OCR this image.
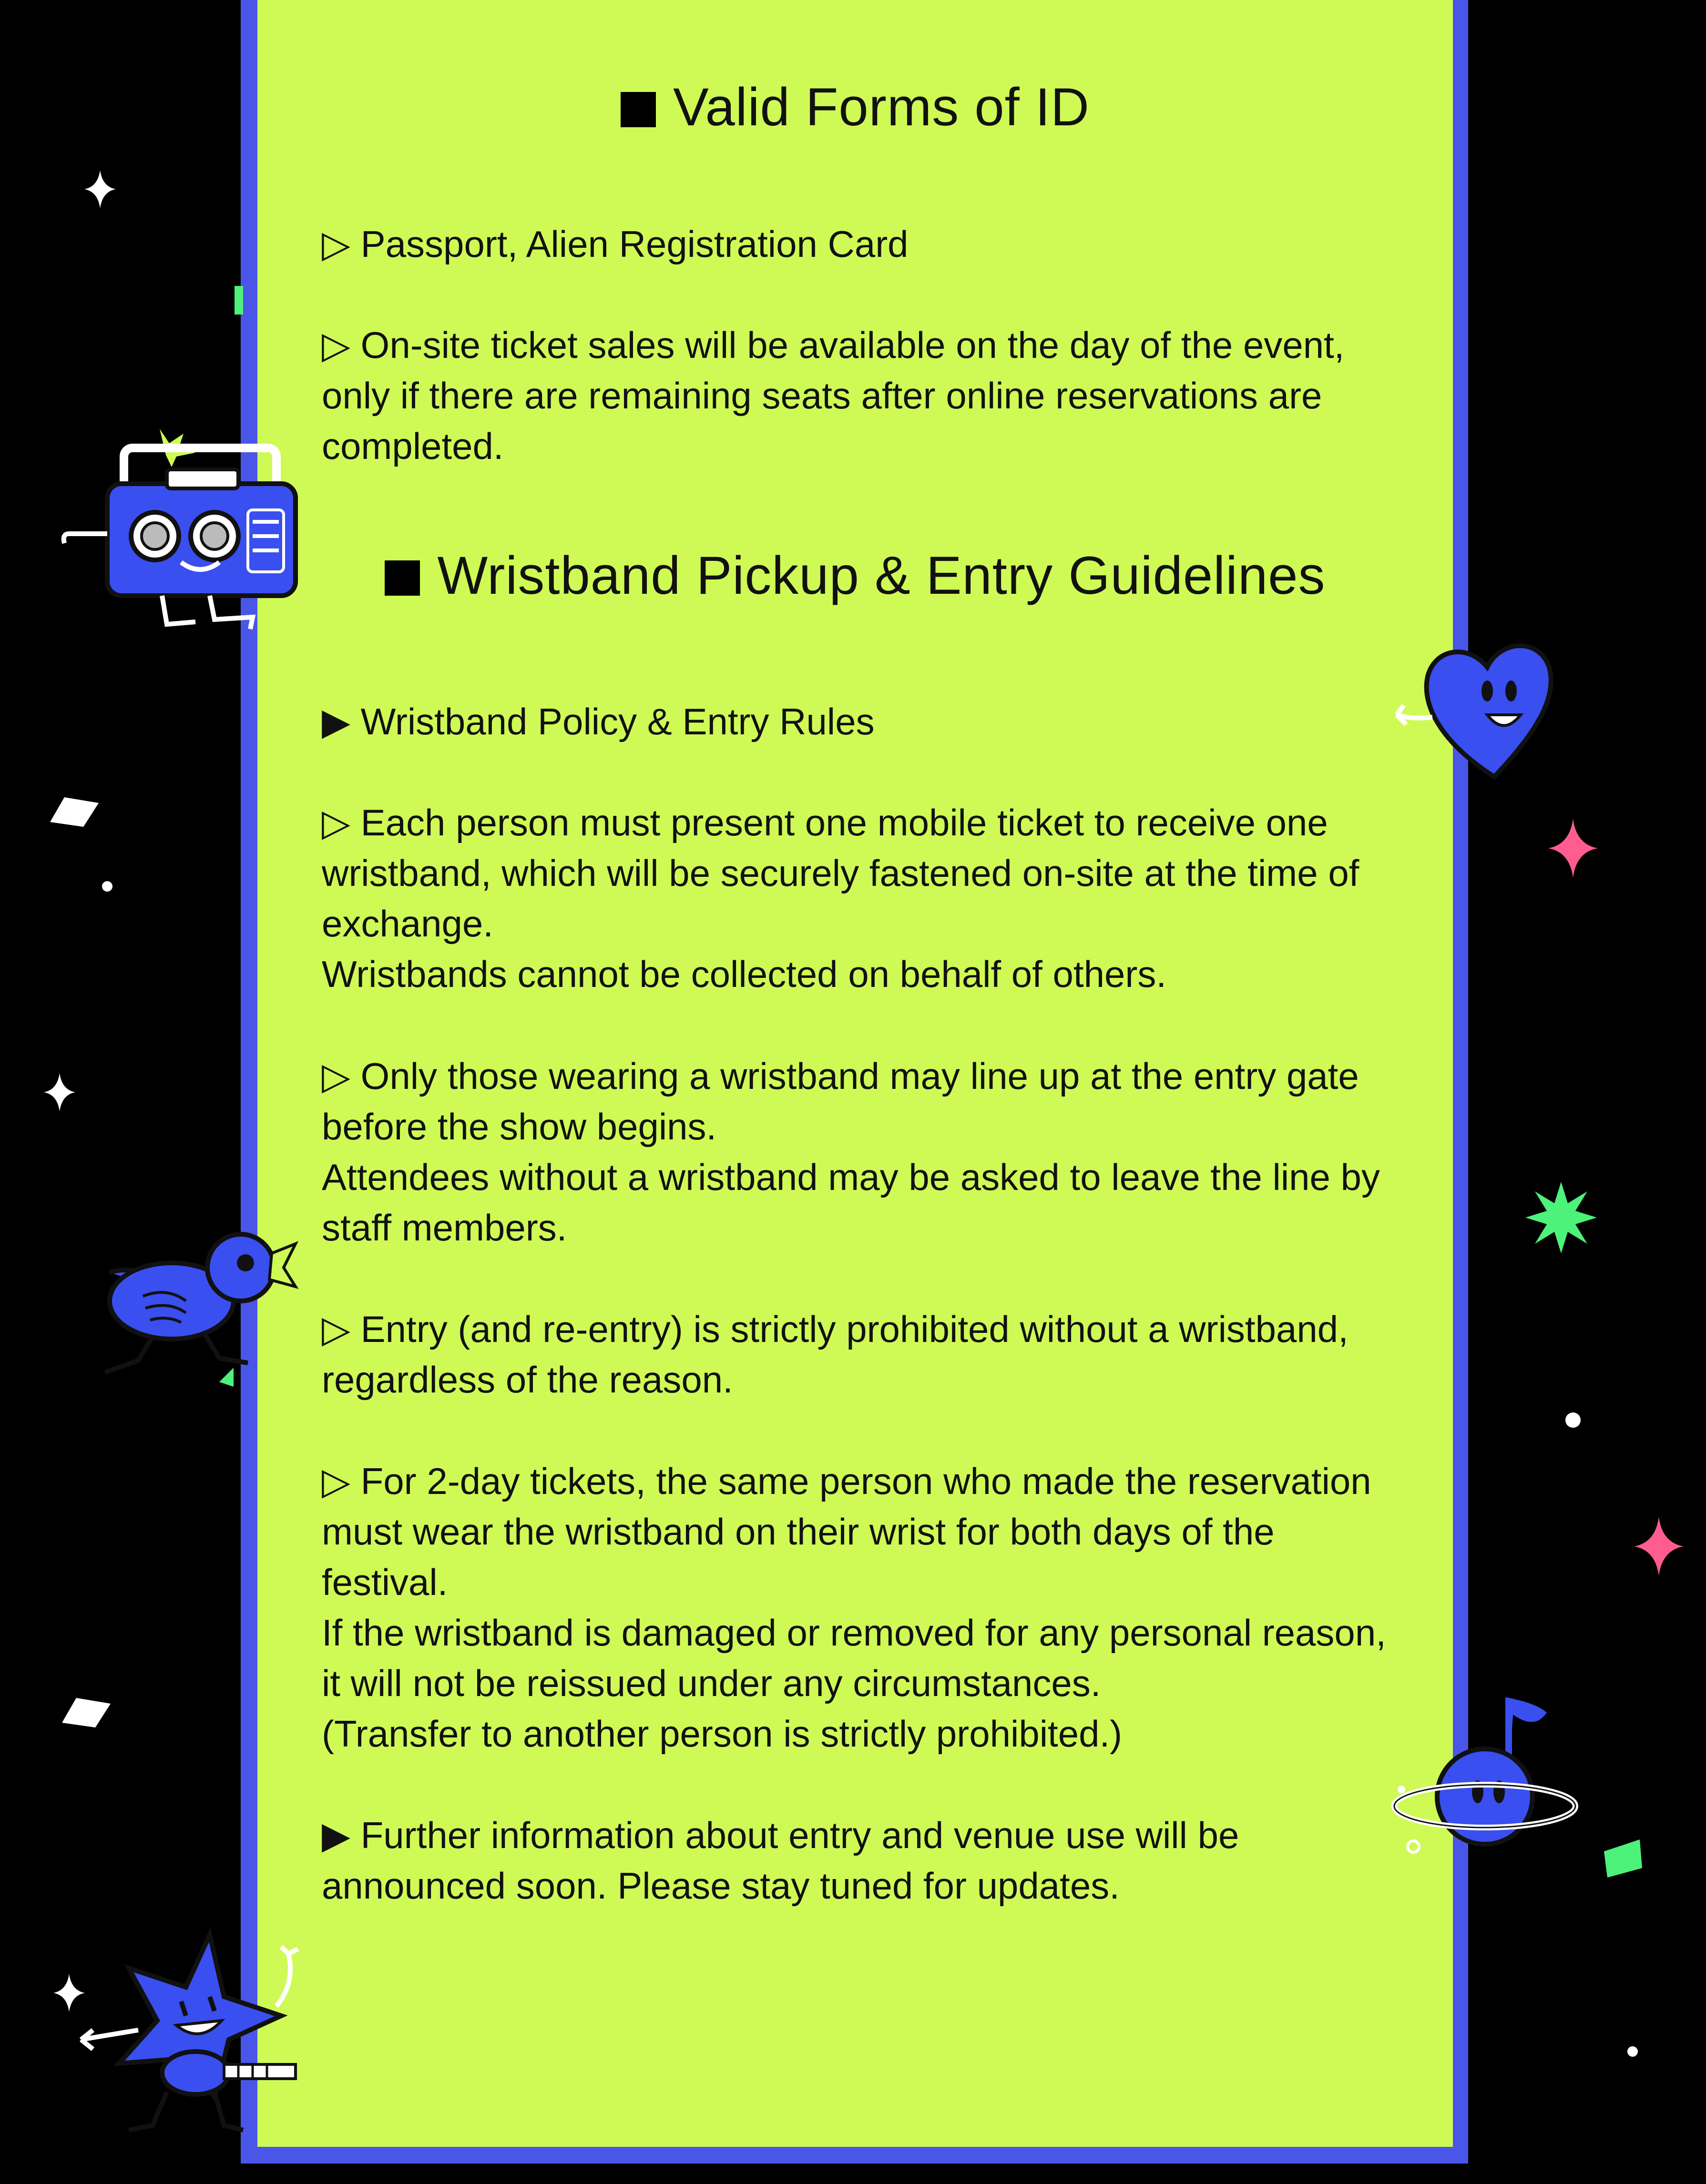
Valid Forms of ID

▷ Passport, Alien Registration Card

▷ On-site ticket sales will be available on the day of the event,
only if there are remaining seats after online reservations are
completed.

Wristband Pickup & Entry Guidelines

▶ Wristband Policy & Entry Rules

▷ Each person must present one mobile ticket to receive one
wristband, which will be securely fastened on-site at the time of
exchange.
Wristbands cannot be collected on behalf of others.

▷ Only those wearing a wristband may line up at the entry gate
before the show begins.
Attendees without a wristband may be asked to leave the line by
staff members.

▷ Entry (and re-entry) is strictly prohibited without a wristband,
regardless of the reason.

▷ For 2-day tickets, the same person who made the reservation
must wear the wristband on their wrist for both days of the
festival.
If the wristband is damaged or removed for any personal reason,
it will not be reissued under any circumstances.
(Transfer to another person is strictly prohibited.)

▶ Further information about entry and venue use will be
announced soon. Please stay tuned for updates.
